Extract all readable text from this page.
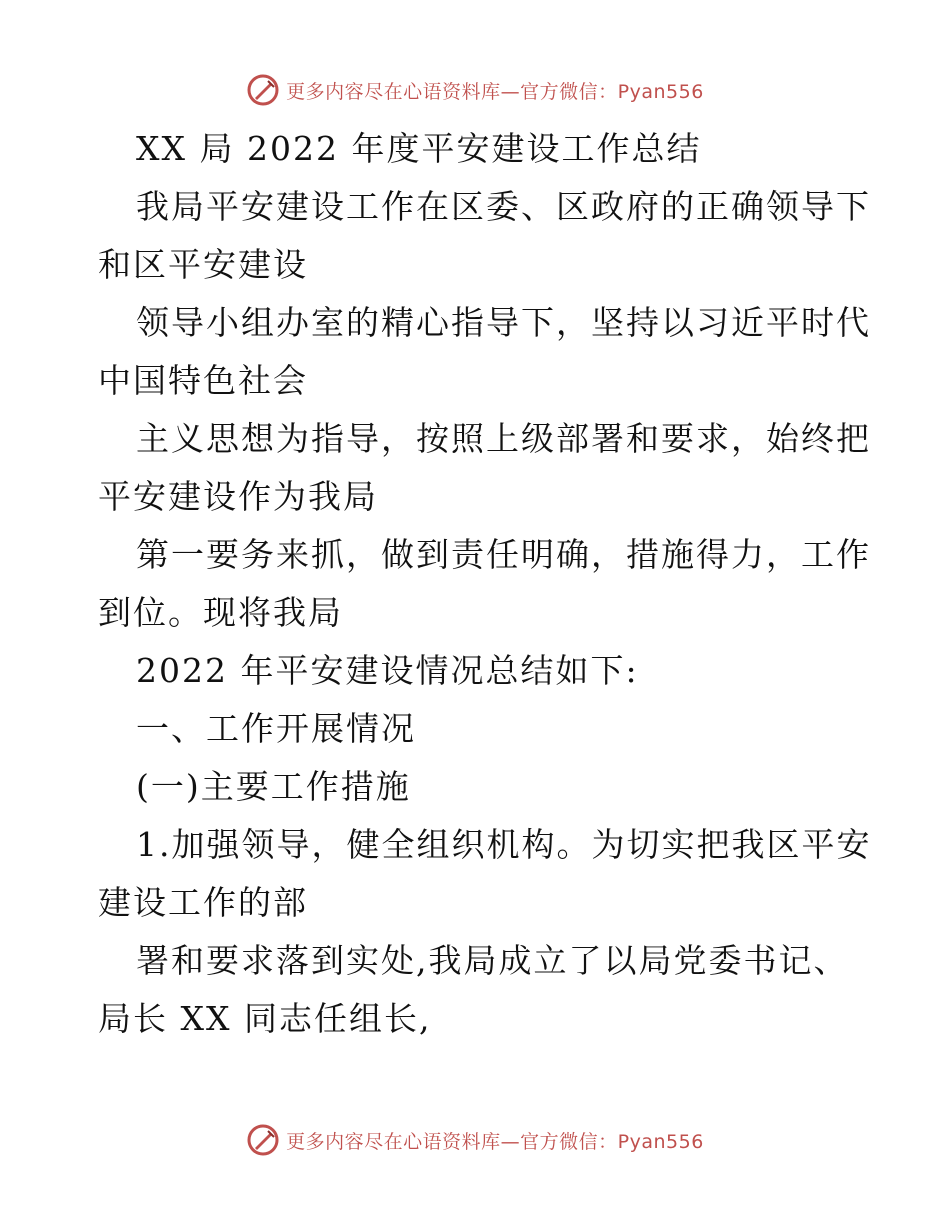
更多内容尽在心语资料库—官方微信：Pyan556
XX 局 2022 年度平安建设工作总结
我局平安建设工作在区委、区政府的正确领导下
和区平安建设
领导小组办室的精心指导下，坚持以习近平时代
中国特色社会
主义思想为指导，按照上级部署和要求，始终把
平安建设作为我局
第一要务来抓，做到责任明确，措施得力，工作
到位。现将我局
2022 年平安建设情况总结如下:
一、工作开展情况
(一)主要工作措施
1.加强领导，健全组织机构。为切实把我区平安
建设工作的部
署和要求落到实处,我局成立了以局党委书记、
局长 XX 同志任组长,
更多内容尽在心语资料库—官方微信：Pyan556
